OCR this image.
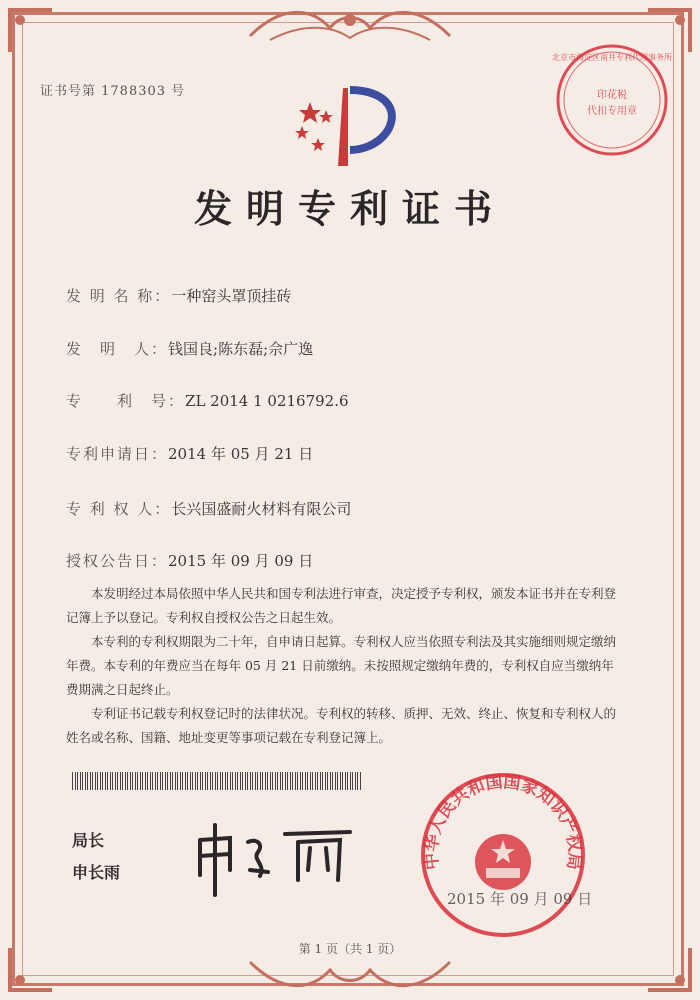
证书号第 1788303 号
北京市海淀区南井专利代理事务所
印花税
代扣专用章
发明专利证书
发 明 名 称：一种窑头罩顶挂砖
发　明　人：钱国良;陈东磊;佘广逸
专　　利　号：ZL 2014 1 0216792.6
专利申请日：2014 年 05 月 21 日
专 利 权 人：长兴国盛耐火材料有限公司
授权公告日：2015 年 09 月 09 日

本发明经过本局依照中华人民共和国专利法进行审查，决定授予专利权，颁发本证书并在专利登记簿上予以登记。专利权自授权公告之日起生效。

本专利的专利权期限为二十年，自申请日起算。专利权人应当依照专利法及其实施细则规定缴纳年费。本专利的年费应当在每年 05 月 21 日前缴纳。未按照规定缴纳年费的，专利权自应当缴纳年费期满之日起终止。

专利证书记载专利权登记时的法律状况。专利权的转移、质押、无效、终止、恢复和专利权人的姓名或名称、国籍、地址变更等事项记载在专利登记簿上。

局长
申长雨
中华人民共和国国家知识产权局
2015 年 09 月 09 日
第 1 页（共 1 页）
